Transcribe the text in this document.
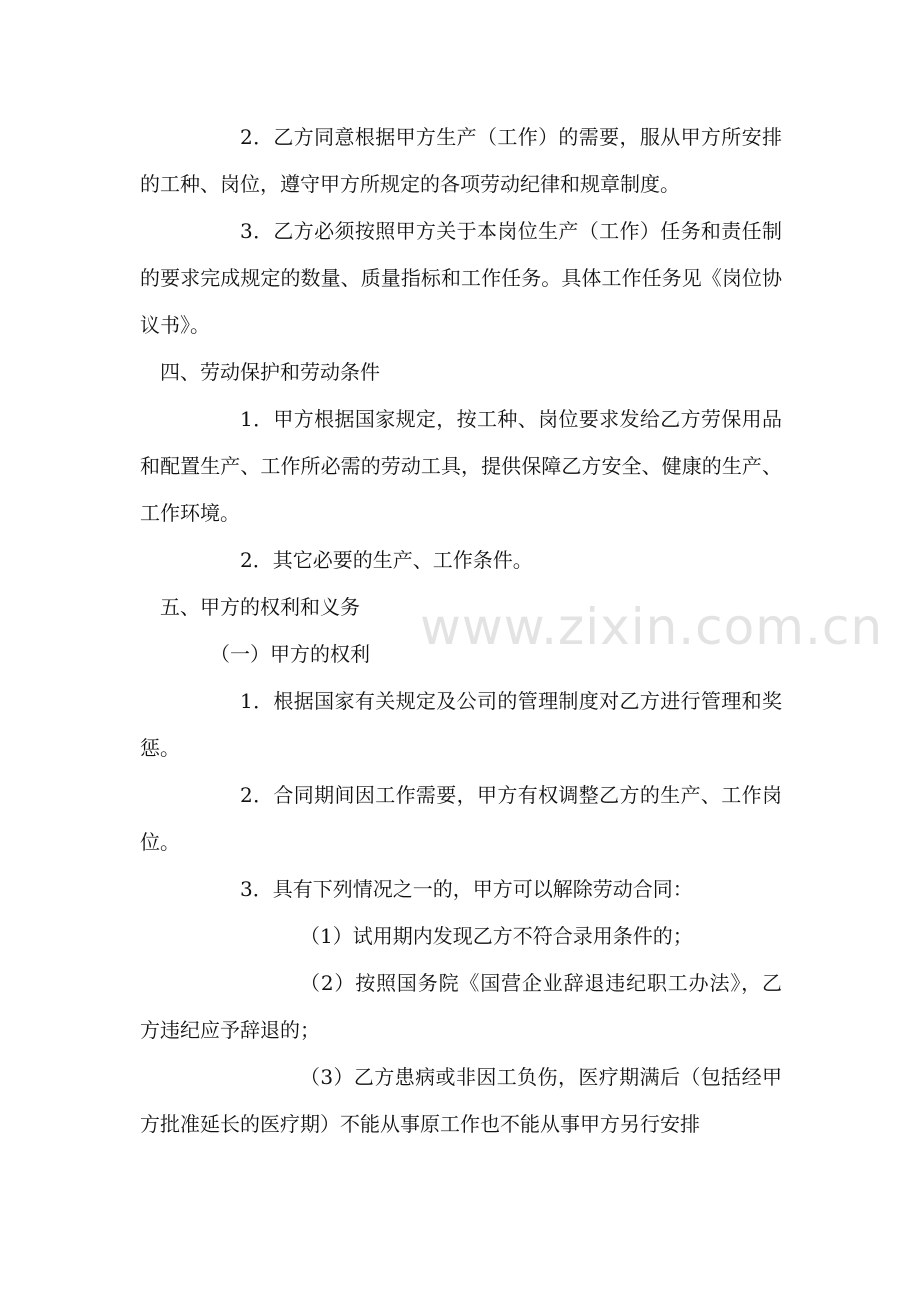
www.zixin.com.cn

2．乙方同意根据甲方生产（工作）的需要，服从甲方所安排的工种、岗位，遵守甲方所规定的各项劳动纪律和规章制度。

3．乙方必须按照甲方关于本岗位生产（工作）任务和责任制的要求完成规定的数量、质量指标和工作任务。具体工作任务见《岗位协议书》。

四、劳动保护和劳动条件

1．甲方根据国家规定，按工种、岗位要求发给乙方劳保用品和配置生产、工作所必需的劳动工具，提供保障乙方安全、健康的生产、工作环境。

2．其它必要的生产、工作条件。

五、甲方的权利和义务

（一）甲方的权利

1．根据国家有关规定及公司的管理制度对乙方进行管理和奖惩。

2．合同期间因工作需要，甲方有权调整乙方的生产、工作岗位。

3．具有下列情况之一的，甲方可以解除劳动合同：

（1）试用期内发现乙方不符合录用条件的；

（2）按照国务院《国营企业辞退违纪职工办法》，乙方违纪应予辞退的；

（3）乙方患病或非因工负伤，医疗期满后（包括经甲方批准延长的医疗期）不能从事原工作也不能从事甲方另行安排
